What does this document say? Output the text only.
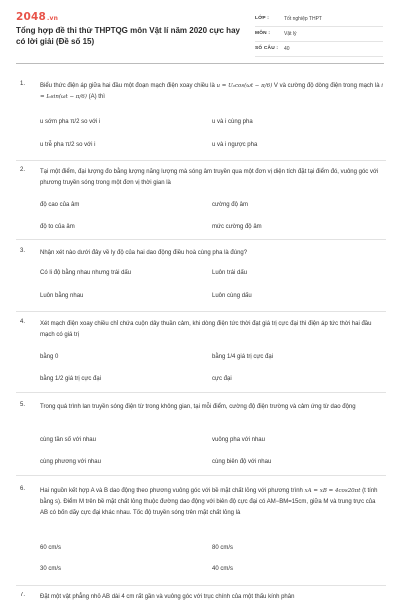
2048.vn
Tổng hợp đề thi thử THPTQG môn Vật lí năm 2020 cực hay có lời giải (Đề số 15)
LỚP :	Tốt nghiệp THPT
MÔN :	Vật lý
SỐ CÂU : 40
1. Biểu thức điện áp giữa hai đầu một đoạn mạch điện xoay chiều là u = U₀cos(ωt − π/6) V và cường độ dòng điện trong mạch là i = I₀sin(ωt − π/6) (A) thì
u sớm pha π/2 so với i	u và i cùng pha
u trễ pha π/2 so với i	u và i ngược pha
2. Tại một điểm, đại lượng đo bằng lượng năng lượng mà sóng âm truyền qua một đơn vị diện tích đặt tại điểm đó, vuông góc với phương truyền sóng trong một đơn vị thời gian là
độ cao của âm	cường độ âm
độ to của âm	mức cường độ âm
3. Nhận xét nào dưới đây về ly độ của hai dao động điều hoà cùng pha là đúng?
Có li độ bằng nhau nhưng trái dấu	Luôn trái dấu
Luôn bằng nhau	Luôn cùng dấu
4. Xét mạch điện xoay chiều chỉ chứa cuộn dây thuần cảm, khi dòng điện tức thời đạt giá trị cực đại thì điện áp tức thời hai đầu mạch có giá trị
bằng 0	bằng 1/4 giá trị cực đại
bằng 1/2 giá trị cực đại	cực đại
5. Trong quá trình lan truyền sóng điện từ trong không gian, tại mỗi điểm, cường độ điện trường và cảm ứng từ dao động
cùng tần số với nhau	vuông pha với nhau
cùng phương với nhau	cùng biên độ với nhau
6. Hai nguồn kết hợp A và B dao động theo phương vuông góc với bề mặt chất lỏng với phương trình xA = xB = 4cos20πt (t tính bằng s). Điểm M trên bề mặt chất lỏng thuộc đường dao động với biên độ cực đại có AM−BM=15cm, giữa M và trung trực của AB có bốn dãy cực đại khác nhau. Tốc độ truyền sóng trên mặt chất lỏng là
60 cm/s	80 cm/s
30 cm/s	40 cm/s
7. Đặt một vật phẳng nhỏ AB dài 4 cm rất gần và vuông góc với trục chính của một thấu kính phân
